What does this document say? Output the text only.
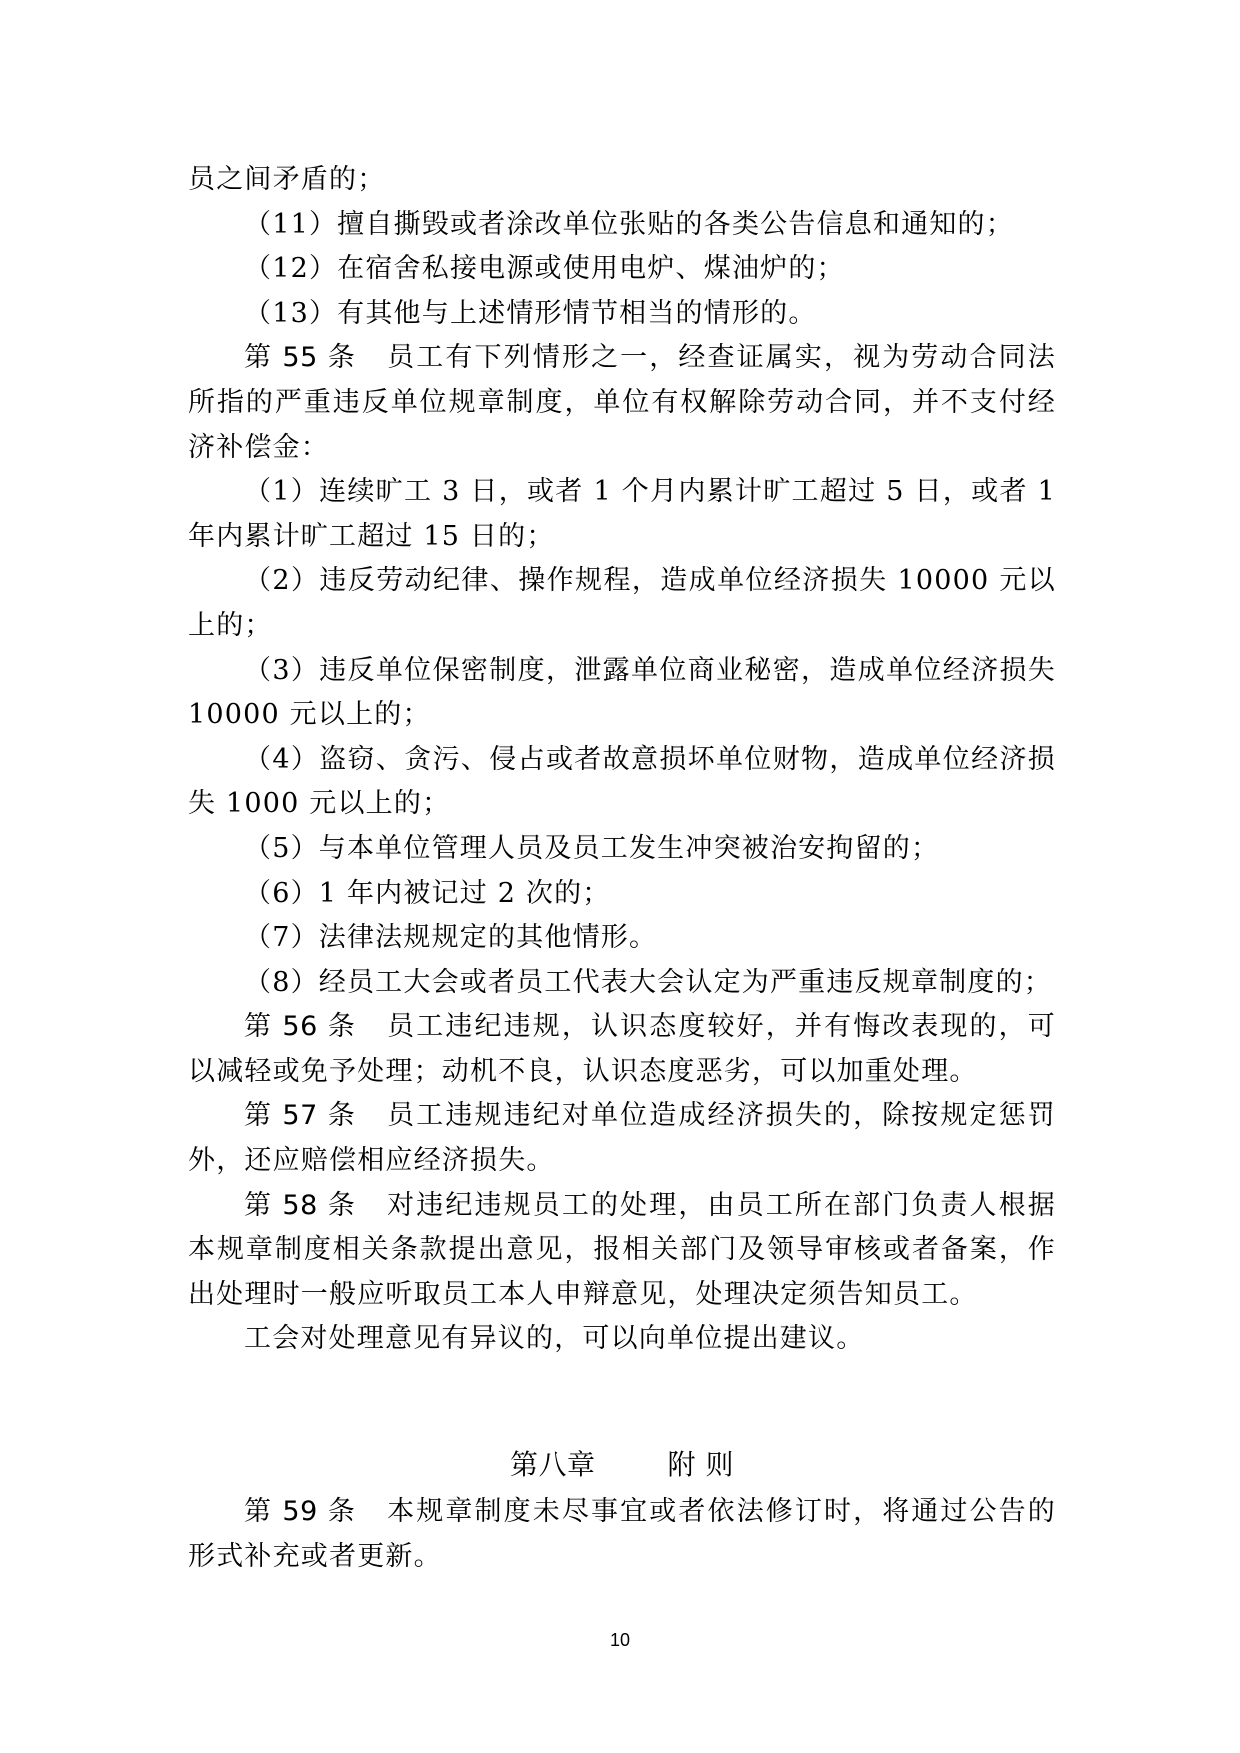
员之间矛盾的；

（11）擅自撕毁或者涂改单位张贴的各类公告信息和通知的；

（12）在宿舍私接电源或使用电炉、煤油炉的；

（13）有其他与上述情形情节相当的情形的。

第 55 条 员工有下列情形之一，经查证属实，视为劳动合同法所指的严重违反单位规章制度，单位有权解除劳动合同，并不支付经济补偿金：

（1）连续旷工 3 日，或者 1 个月内累计旷工超过 5 日，或者 1 年内累计旷工超过 15 日的；

（2）违反劳动纪律、操作规程，造成单位经济损失 10000 元以上的；

（3）违反单位保密制度，泄露单位商业秘密，造成单位经济损失 10000 元以上的；

（4）盗窃、贪污、侵占或者故意损坏单位财物，造成单位经济损失 1000 元以上的；

（5）与本单位管理人员及员工发生冲突被治安拘留的；

（6）1 年内被记过 2 次的；

（7）法律法规规定的其他情形。

（8）经员工大会或者员工代表大会认定为严重违反规章制度的；

第 56 条 员工违纪违规，认识态度较好，并有悔改表现的，可以减轻或免予处理；动机不良，认识态度恶劣，可以加重处理。

第 57 条 员工违规违纪对单位造成经济损失的，除按规定惩罚外，还应赔偿相应经济损失。

第 58 条 对违纪违规员工的处理，由员工所在部门负责人根据本规章制度相关条款提出意见，报相关部门及领导审核或者备案，作出处理时一般应听取员工本人申辩意见，处理决定须告知员工。

工会对处理意见有异议的，可以向单位提出建议。

第八章	附 则

第 59 条 本规章制度未尽事宜或者依法修订时，将通过公告的形式补充或者更新。

10
